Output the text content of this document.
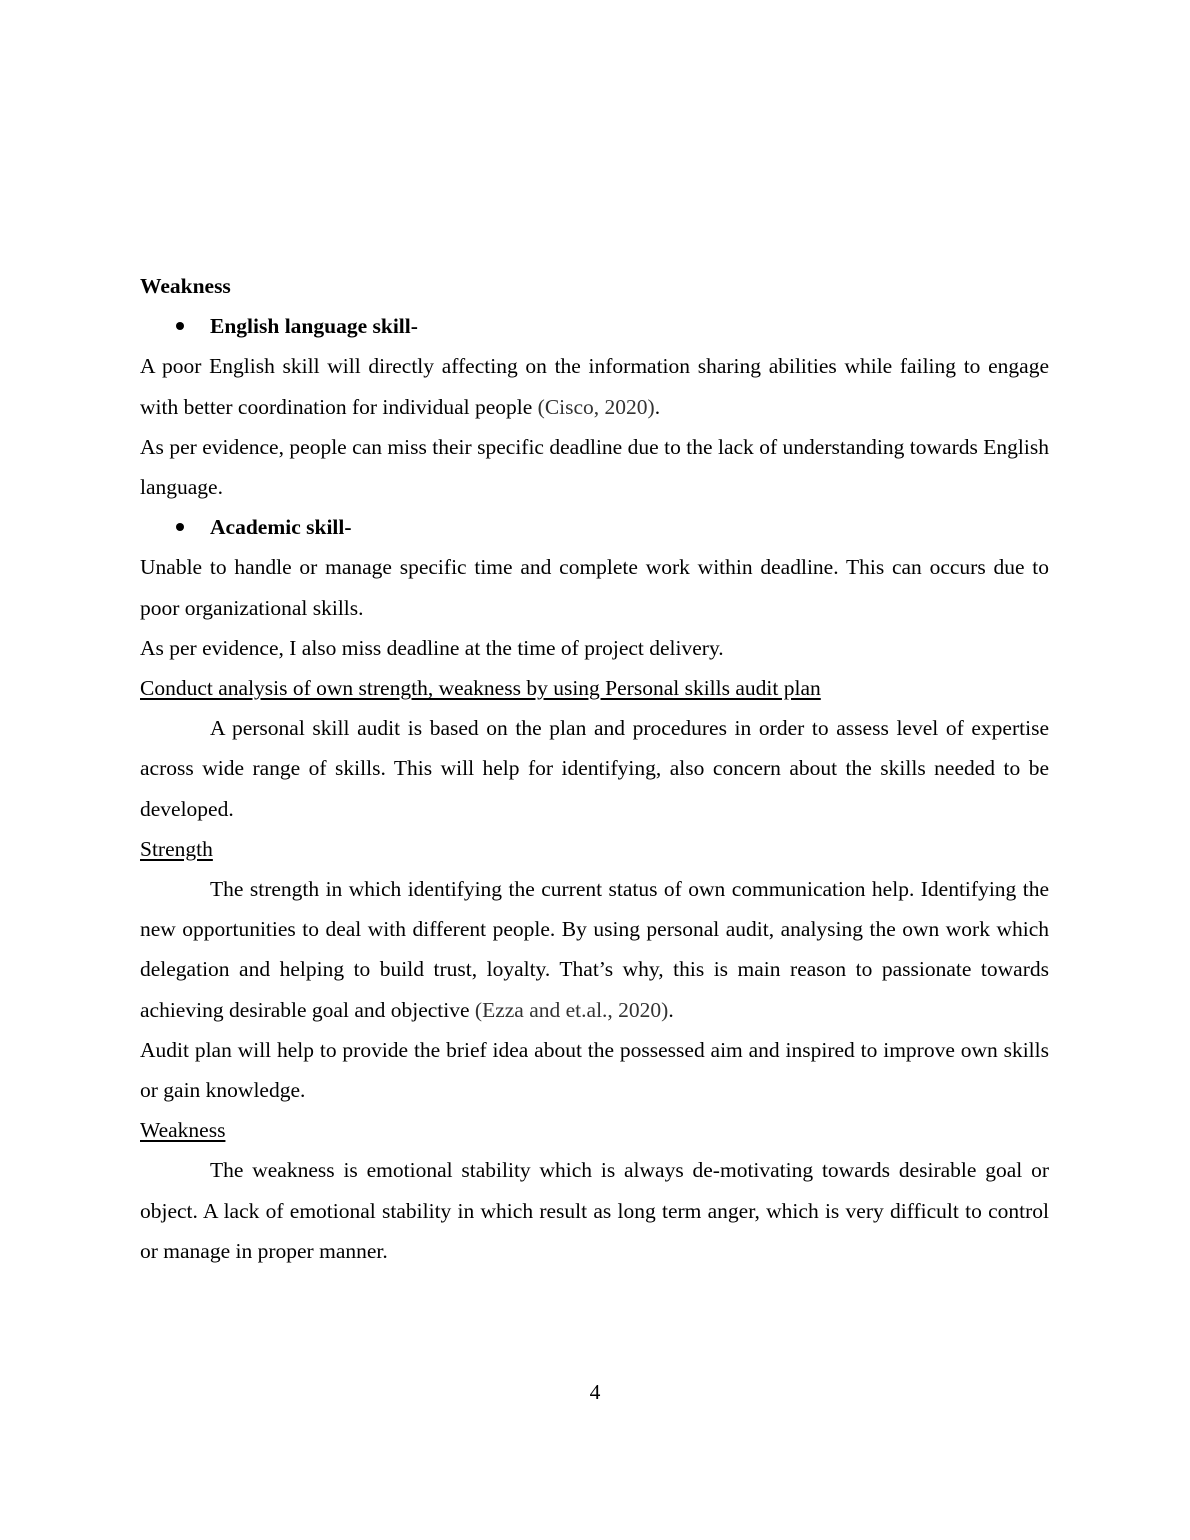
Weakness

English language skill-

A poor English skill will directly affecting on the information sharing abilities while failing to engage with better coordination for individual people (Cisco, 2020).

As per evidence, people can miss their specific deadline due to the lack of understanding towards English language.

Academic skill-

Unable to handle or manage specific time and complete work within deadline. This can occurs due to poor organizational skills.

As per evidence, I also miss deadline at the time of project delivery.

Conduct analysis of own strength, weakness by using Personal skills audit plan

A personal skill audit is based on the plan and procedures in order to assess level of expertise across wide range of skills. This will help for identifying, also concern about the skills needed to be developed.

Strength

The strength in which identifying the current status of own communication help. Identifying the new opportunities to deal with different people. By using personal audit, analysing the own work which delegation and helping to build trust, loyalty. That’s why, this is main reason to passionate towards achieving desirable goal and objective (Ezza and et.al., 2020).

Audit plan will help to provide the brief idea about the possessed aim and inspired to improve own skills or gain knowledge.

Weakness

The weakness is emotional stability which is always de-motivating towards desirable goal or object. A lack of emotional stability in which result as long term anger, which is very difficult to control or manage in proper manner.

4
